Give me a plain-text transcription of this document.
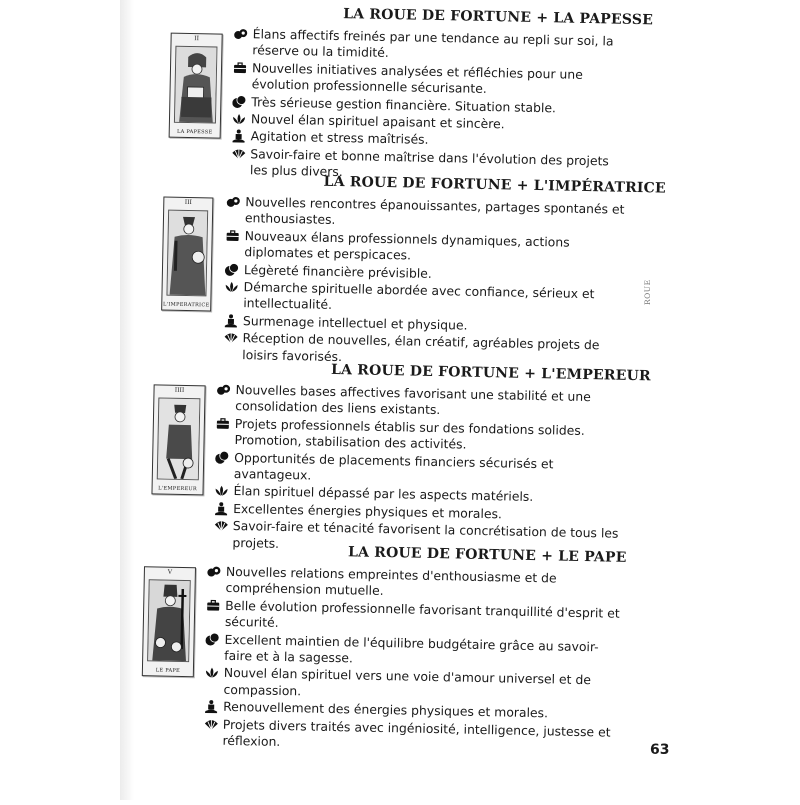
LA ROUE DE FORTUNE + LA PAPESSE
II
LA PAPESSE
Élans affectifs freinés par une tendance au repli sur soi, la réserve ou la timidité.
Nouvelles initiatives analysées et réfléchies pour une évolution professionnelle sécurisante.
Très sérieuse gestion financière. Situation stable.
Nouvel élan spirituel apaisant et sincère.
Agitation et stress maîtrisés.
Savoir-faire et bonne maîtrise dans l'évolution des projets les plus divers.
LA ROUE DE FORTUNE + L'IMPÉRATRICE
III
L'IMPERATRICE
Nouvelles rencontres épanouissantes, partages spontanés et enthousiastes.
Nouveaux élans professionnels dynamiques, actions diplomates et perspicaces.
Légèreté financière prévisible.
Démarche spirituelle abordée avec confiance, sérieux et intellectualité.
Surmenage intellectuel et physique.
Réception de nouvelles, élan créatif, agréables projets de loisirs favorisés.
LA ROUE DE FORTUNE + L'EMPEREUR
IIII
L'EMPEREUR
Nouvelles bases affectives favorisant une stabilité et une consolidation des liens existants.
Projets professionnels établis sur des fondations solides. Promotion, stabilisation des activités.
Opportunités de placements financiers sécurisés et avantageux.
Élan spirituel dépassé par les aspects matériels.
Excellentes énergies physiques et morales.
Savoir-faire et ténacité favorisent la concrétisation de tous les projets.
LA ROUE DE FORTUNE + LE PAPE
V
LE PAPE
Nouvelles relations empreintes d'enthousiasme et de compréhension mutuelle.
Belle évolution professionnelle favorisant tranquillité d'esprit et sécurité.
Excellent maintien de l'équilibre budgétaire grâce au savoir-faire et à la sagesse.
Nouvel élan spirituel vers une voie d'amour universel et de compassion.
Renouvellement des énergies physiques et morales.
Projets divers traités avec ingéniosité, intelligence, justesse et réflexion.
ROUE
63
